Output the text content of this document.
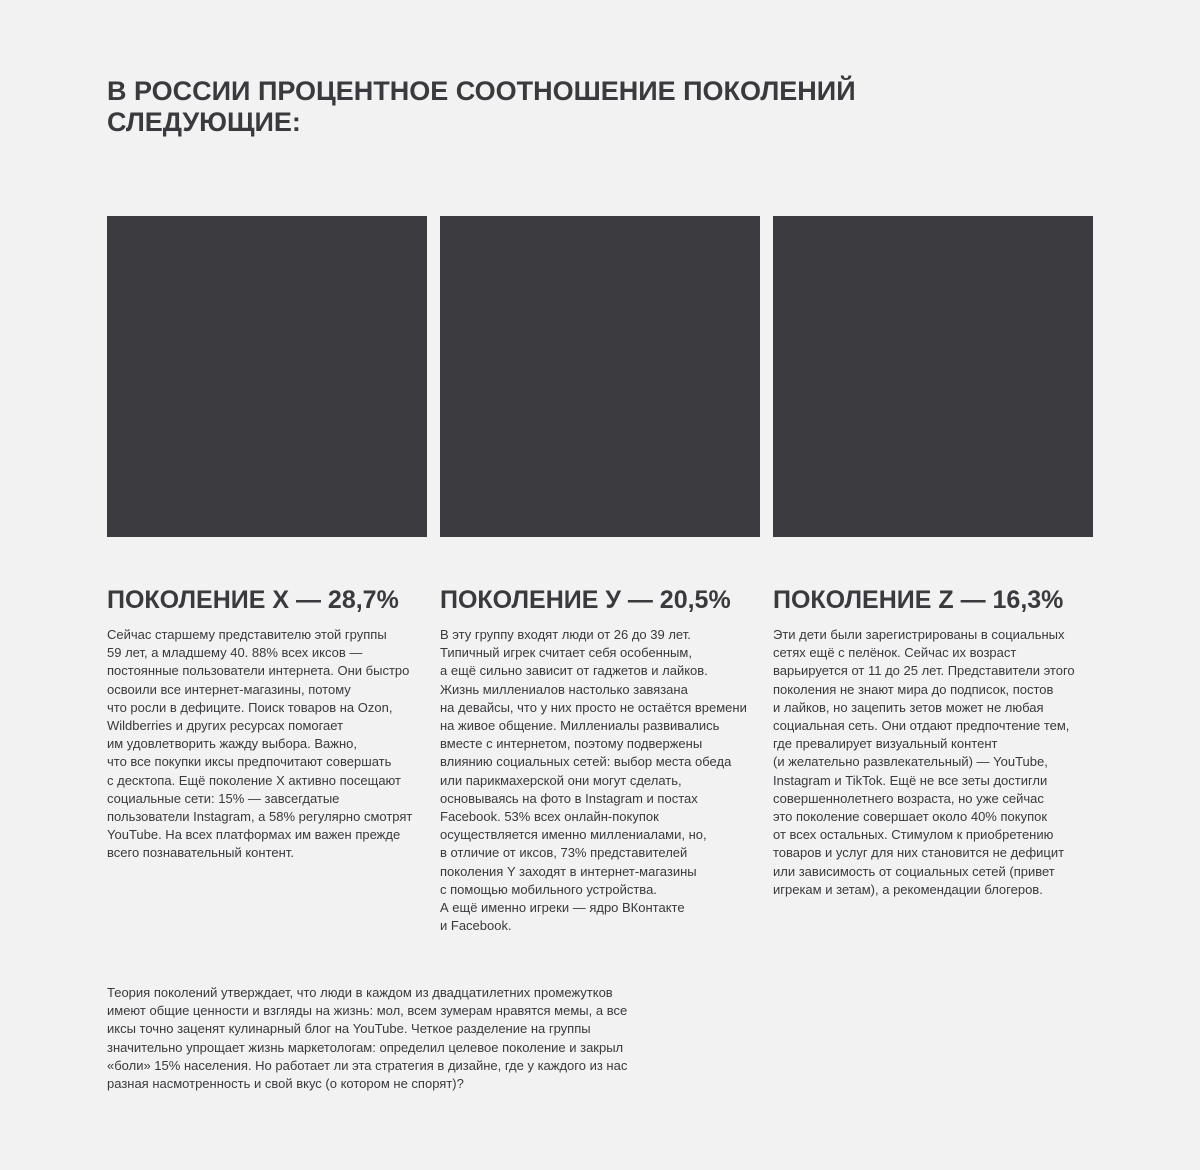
В РОССИИ ПРОЦЕНТНОЕ СООТНОШЕНИЕ ПОКОЛЕНИЙ
СЛЕДУЮЩИЕ:
ПОКОЛЕНИЕ X — 28,7%

Сейчас старшему представителю этой группы
59 лет, а младшему 40. 88% всех иксов —
постоянные пользователи интернета. Они быстро
освоили все интернет-магазины, потому
что росли в дефиците. Поиск товаров на Ozon,
Wildberries и других ресурсах помогает
им удовлетворить жажду выбора. Важно,
что все покупки иксы предпочитают совершать
с десктопа. Ещё поколение X активно посещают
социальные сети: 15% — завсегдатые
пользователи Instagram, а 58% регулярно смотрят
YouTube. На всех платформах им важен прежде
всего познавательный контент.

ПОКОЛЕНИЕ У — 20,5%

В эту группу входят люди от 26 до 39 лет.
Типичный игрек считает себя особенным,
а ещё сильно зависит от гаджетов и лайков.
Жизнь миллениалов настолько завязана
на девайсы, что у них просто не остаётся времени
на живое общение. Миллениалы развивались
вместе с интернетом, поэтому подвержены
влиянию социальных сетей: выбор места обеда
или парикмахерской они могут сделать,
основываясь на фото в Instagram и постах
Facebook. 53% всех онлайн-покупок
осуществляется именно миллениалами, но,
в отличие от иксов, 73% представителей
поколения Y заходят в интернет-магазины
с помощью мобильного устройства.
А ещё именно игреки — ядро ВКонтакте
и Facebook.

ПОКОЛЕНИЕ Z — 16,3%

Эти дети были зарегистрированы в социальных
сетях ещё с пелёнок. Сейчас их возраст
варьируется от 11 до 25 лет. Представители этого
поколения не знают мира до подписок, постов
и лайков, но зацепить зетов может не любая
социальная сеть. Они отдают предпочтение тем,
где превалирует визуальный контент
(и желательно развлекательный) — YouTube,
Instagram и TikTok. Ещё не все зеты достигли
совершеннолетнего возраста, но уже сейчас
это поколение совершает около 40% покупок
от всех остальных. Стимулом к приобретению
товаров и услуг для них становится не дефицит
или зависимость от социальных сетей (привет
игрекам и зетам), а рекомендации блогеров.

Теория поколений утверждает, что люди в каждом из двадцатилетних промежутков
имеют общие ценности и взгляды на жизнь: мол, всем зумерам нравятся мемы, а все
иксы точно заценят кулинарный блог на YouTube. Четкое разделение на группы
значительно упрощает жизнь маркетологам: определил целевое поколение и закрыл
«боли» 15% населения. Но работает ли эта стратегия в дизайне, где у каждого из нас
разная насмотренность и свой вкус (о котором не спорят)?
